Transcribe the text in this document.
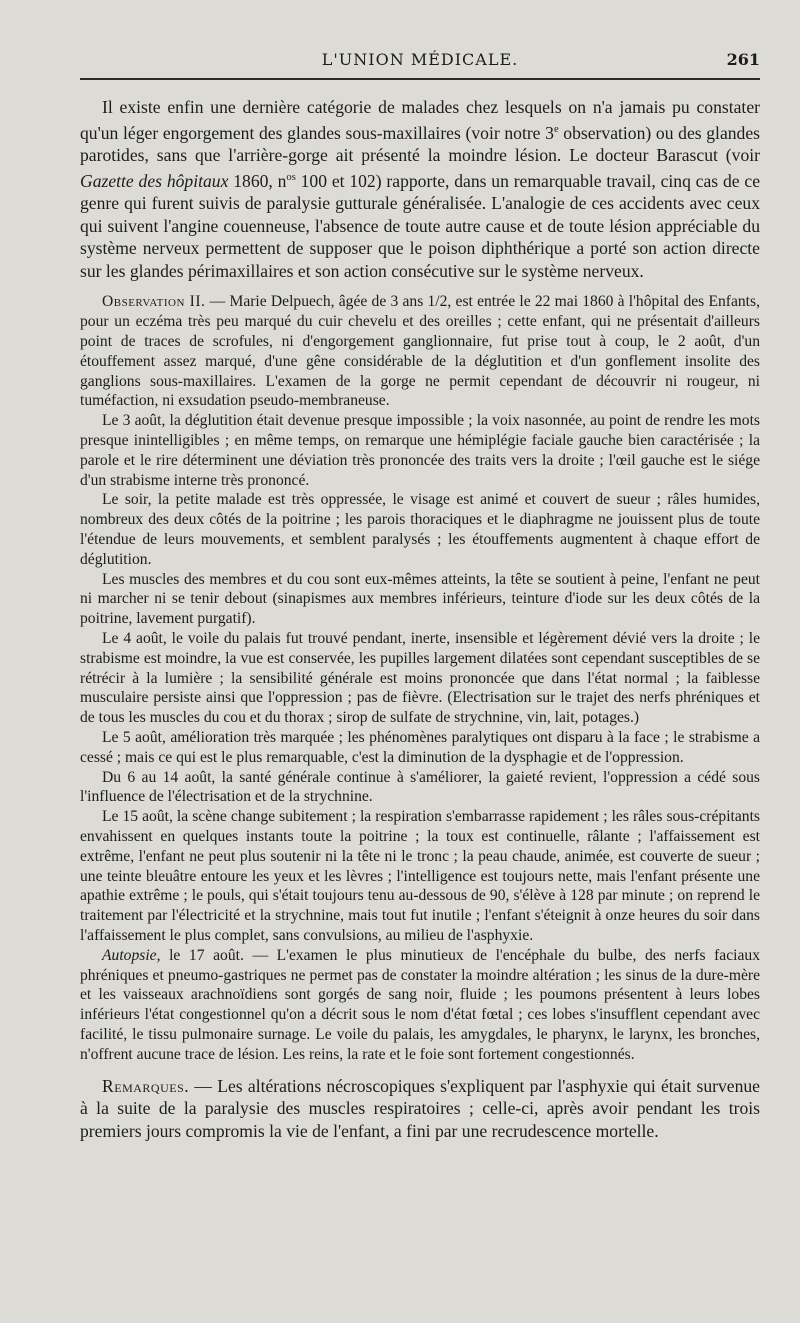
L'UNION MÉDICALE.	261

Il existe enfin une dernière catégorie de malades chez lesquels on n'a jamais pu constater qu'un léger engorgement des glandes sous-maxillaires (voir notre 3e observation) ou des glandes parotides, sans que l'arrière-gorge ait présenté la moindre lésion. Le docteur Barascut (voir Gazette des hôpitaux 1860, $n^{os}$ 100 et 102) rapporte, dans un remarquable travail, cinq cas de ce genre qui furent suivis de paralysie gutturale généralisée. L'analogie de ces accidents avec ceux qui suivent l'angine couenneuse, l'absence de toute autre cause et de toute lésion appréciable du système nerveux permettent de supposer que le poison diphthérique a porté son action directe sur les glandes périmaxillaires et son action consécutive sur le système nerveux.

Observation II. — Marie Delpuech, âgée de 3 ans 1/2, est entrée le 22 mai 1860 à l'hôpital des Enfants, pour un eczéma très peu marqué du cuir chevelu et des oreilles ; cette enfant, qui ne présentait d'ailleurs point de traces de scrofules, ni d'engorgement ganglionnaire, fut prise tout à coup, le 2 août, d'un étouffement assez marqué, d'une gêne considérable de la déglutition et d'un gonflement insolite des ganglions sous-maxillaires. L'examen de la gorge ne permit cependant de découvrir ni rougeur, ni tuméfaction, ni exsudation pseudo-membraneuse.

Le 3 août, la déglutition était devenue presque impossible ; la voix nasonnée, au point de rendre les mots presque inintelligibles ; en même temps, on remarque une hémiplégie faciale gauche bien caractérisée ; la parole et le rire déterminent une déviation très prononcée des traits vers la droite ; l'œil gauche est le siége d'un strabisme interne très prononcé.

Le soir, la petite malade est très oppressée, le visage est animé et couvert de sueur ; râles humides, nombreux des deux côtés de la poitrine ; les parois thoraciques et le diaphragme ne jouissent plus de toute l'étendue de leurs mouvements, et semblent paralysés ; les étouffements augmentent à chaque effort de déglutition.

Les muscles des membres et du cou sont eux-mêmes atteints, la tête se soutient à peine, l'enfant ne peut ni marcher ni se tenir debout (sinapismes aux membres inférieurs, teinture d'iode sur les deux côtés de la poitrine, lavement purgatif).

Le 4 août, le voile du palais fut trouvé pendant, inerte, insensible et légèrement dévié vers la droite ; le strabisme est moindre, la vue est conservée, les pupilles largement dilatées sont cependant susceptibles de se rétrécir à la lumière ; la sensibilité générale est moins prononcée que dans l'état normal ; la faiblesse musculaire persiste ainsi que l'oppression ; pas de fièvre. (Electrisation sur le trajet des nerfs phréniques et de tous les muscles du cou et du thorax ; sirop de sulfate de strychnine, vin, lait, potages.)

Le 5 août, amélioration très marquée ; les phénomènes paralytiques ont disparu à la face ; le strabisme a cessé ; mais ce qui est le plus remarquable, c'est la diminution de la dysphagie et de l'oppression.

Du 6 au 14 août, la santé générale continue à s'améliorer, la gaieté revient, l'oppression a cédé sous l'influence de l'électrisation et de la strychnine.

Le 15 août, la scène change subitement ; la respiration s'embarrasse rapidement ; les râles sous-crépitants envahissent en quelques instants toute la poitrine ; la toux est continuelle, râlante ; l'affaissement est extrême, l'enfant ne peut plus soutenir ni la tête ni le tronc ; la peau chaude, animée, est couverte de sueur ; une teinte bleuâtre entoure les yeux et les lèvres ; l'intelligence est toujours nette, mais l'enfant présente une apathie extrême ; le pouls, qui s'était toujours tenu au-dessous de 90, s'élève à 128 par minute ; on reprend le traitement par l'électricité et la strychnine, mais tout fut inutile ; l'enfant s'éteignit à onze heures du soir dans l'affaissement le plus complet, sans convulsions, au milieu de l'asphyxie.

Autopsie, le 17 août. — L'examen le plus minutieux de l'encéphale du bulbe, des nerfs faciaux phréniques et pneumo-gastriques ne permet pas de constater la moindre altération ; les sinus de la dure-mère et les vaisseaux arachnoïdiens sont gorgés de sang noir, fluide ; les poumons présentent à leurs lobes inférieurs l'état congestionnel qu'on a décrit sous le nom d'état fœtal ; ces lobes s'insufflent cependant avec facilité, le tissu pulmonaire surnage. Le voile du palais, les amygdales, le pharynx, le larynx, les bronches, n'offrent aucune trace de lésion. Les reins, la rate et le foie sont fortement congestionnés.

Remarques. — Les altérations nécroscopiques s'expliquent par l'asphyxie qui était survenue à la suite de la paralysie des muscles respiratoires ; celle-ci, après avoir pendant les trois premiers jours compromis la vie de l'enfant, a fini par une recrudescence mortelle.
